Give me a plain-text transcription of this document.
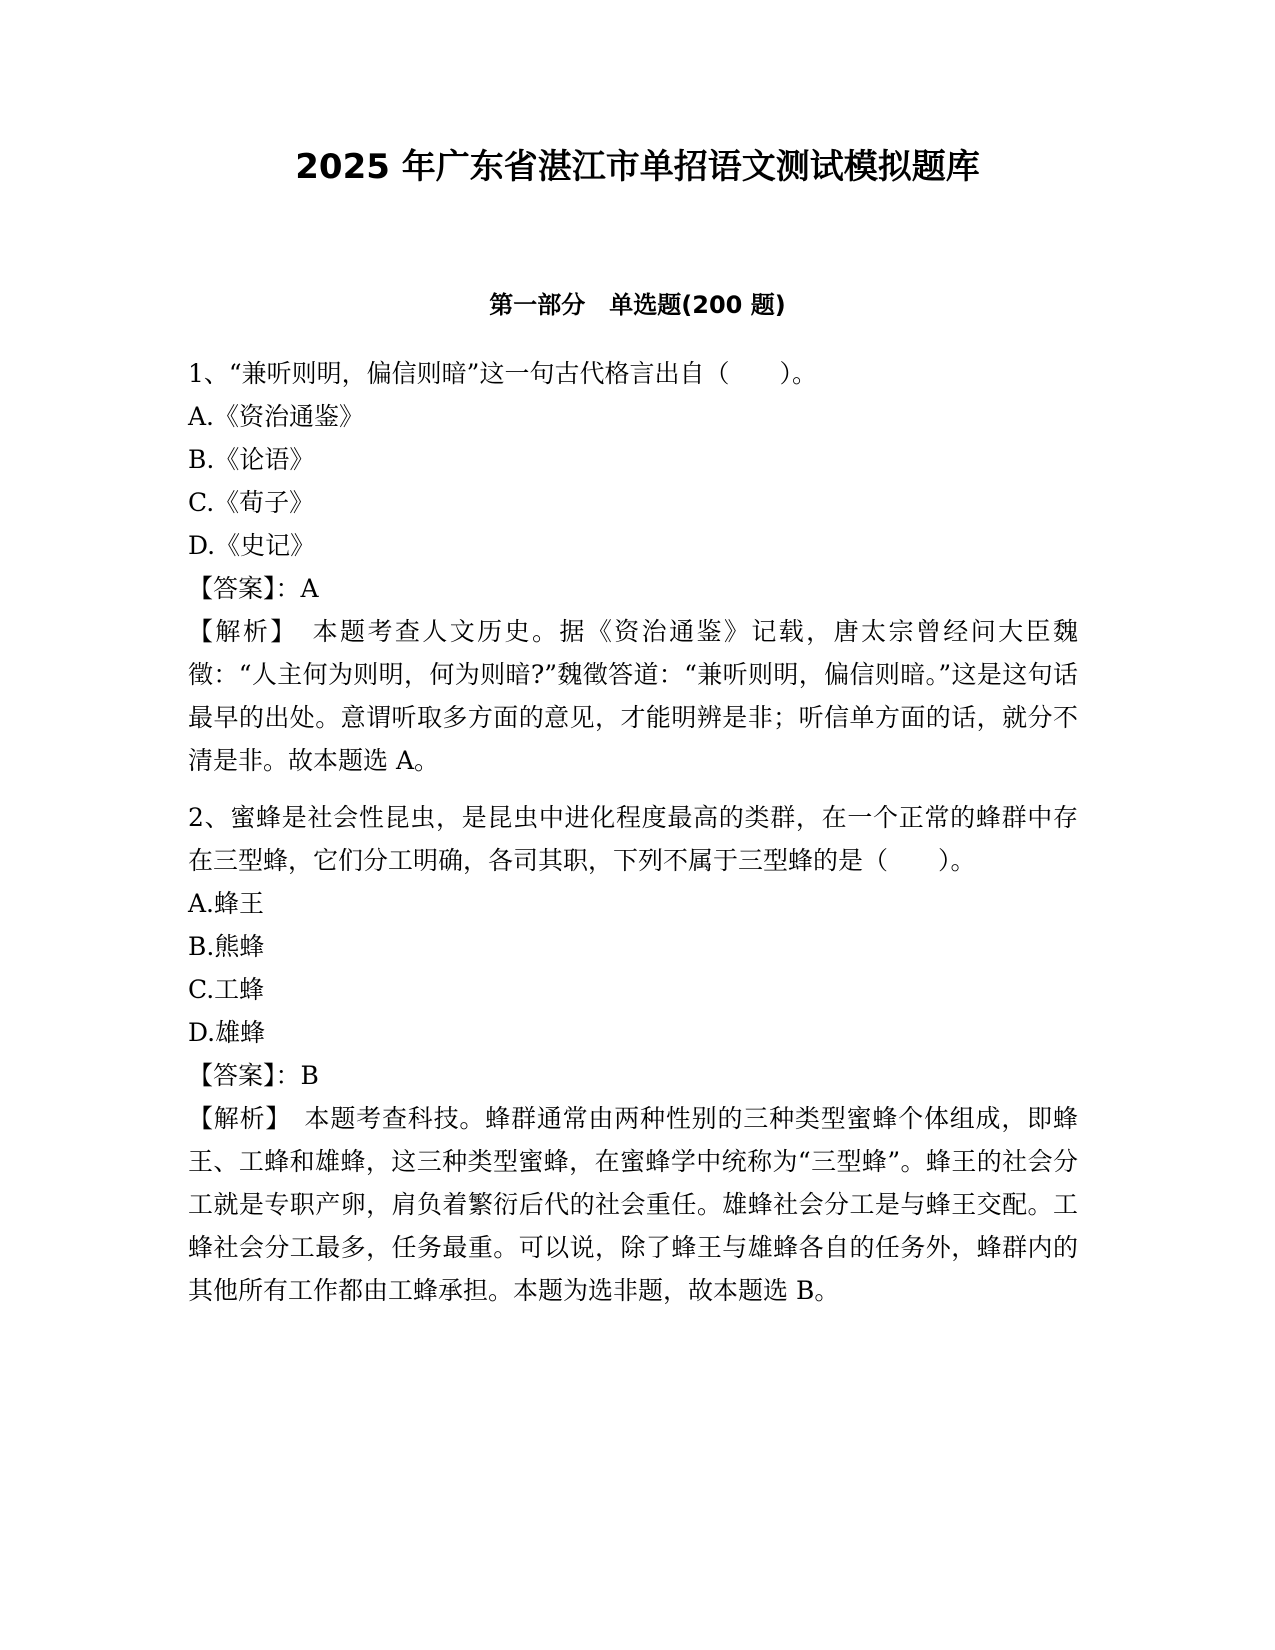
2025 年广东省湛江市单招语文测试模拟题库
第一部分　单选题(200 题)
1、“兼听则明，偏信则暗”这一句古代格言出自（　　）。
A.《资治通鉴》
B.《论语》
C.《荀子》
D.《史记》
【答案】：A
【解析】　本题考查人文历史。据《资治通鉴》记载，唐太宗曾经问大臣魏徵：“人主何为则明，何为则暗?”魏徵答道：“兼听则明，偏信则暗。”这是这句话最早的出处。意谓听取多方面的意见，才能明辨是非；听信单方面的话，就分不清是非。故本题选 A。
2、蜜蜂是社会性昆虫，是昆虫中进化程度最高的类群，在一个正常的蜂群中存在三型蜂，它们分工明确，各司其职，下列不属于三型蜂的是（　　）。
A.蜂王
B.熊蜂
C.工蜂
D.雄蜂
【答案】：B
【解析】　本题考查科技。蜂群通常由两种性别的三种类型蜜蜂个体组成，即蜂王、工蜂和雄蜂，这三种类型蜜蜂，在蜜蜂学中统称为“三型蜂”。蜂王的社会分工就是专职产卵，肩负着繁衍后代的社会重任。雄蜂社会分工是与蜂王交配。工蜂社会分工最多，任务最重。可以说，除了蜂王与雄蜂各自的任务外，蜂群内的其他所有工作都由工蜂承担。本题为选非题，故本题选 B。
